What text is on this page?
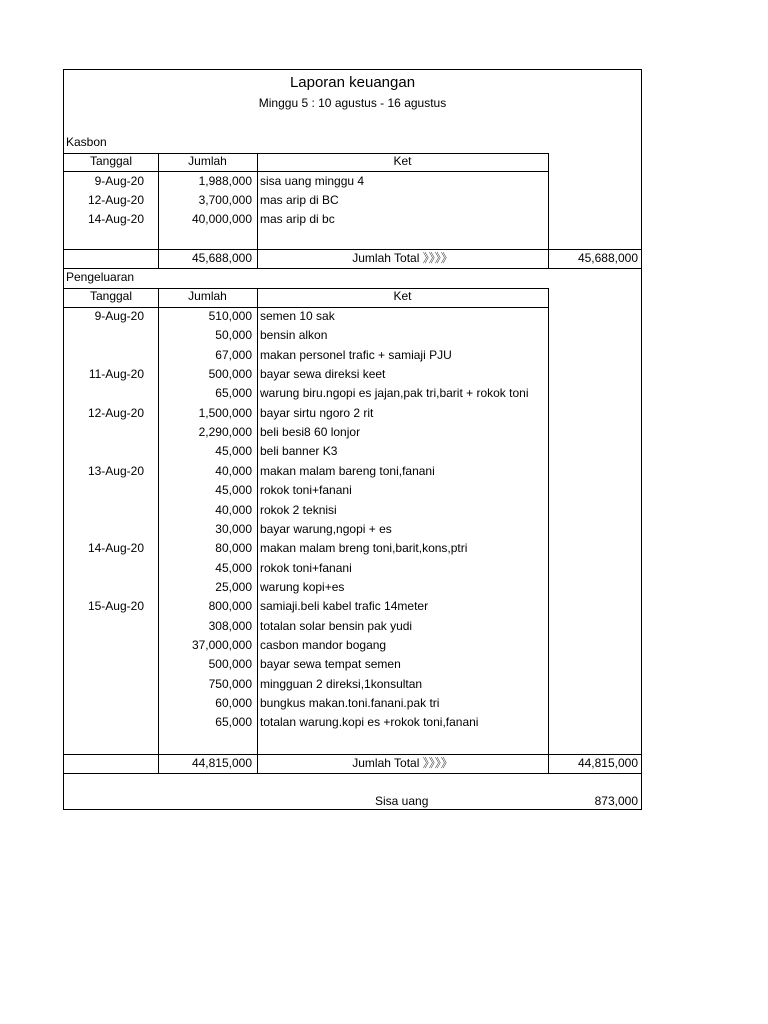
Laporan keuangan
Minggu 5 : 10 agustus - 16 agustus
Kasbon
Tanggal	Jumlah	Ket
9-Aug-20	1,988,000 sisa uang minggu 4
12-Aug-20	3,700,000 mas arip di BC
14-Aug-20	40,000,000 mas arip di bc
45,688,000	Jumlah Total 》》》》	45,688,000
Pengeluaran
Tanggal	Jumlah	Ket
9-Aug-20	510,000 semen 10 sak
50,000 bensin alkon
67,000 makan personel trafic + samiaji PJU
11-Aug-20	500,000 bayar sewa direksi keet
65,000 warung biru.ngopi es jajan,pak tri,barit + rokok toni
12-Aug-20	1,500,000 bayar sirtu ngoro 2 rit
2,290,000 beli besi8 60 lonjor
45,000 beli banner K3
13-Aug-20	40,000 makan malam bareng toni,fanani
45,000 rokok toni+fanani
40,000 rokok 2 teknisi
30,000 bayar warung,ngopi + es
14-Aug-20	80,000 makan malam breng toni,barit,kons,ptri
45,000 rokok toni+fanani
25,000 warung kopi+es
15-Aug-20	800,000 samiaji.beli kabel trafic 14meter
308,000 totalan solar bensin pak yudi
37,000,000 casbon mandor bogang
500,000 bayar sewa tempat semen
750,000 mingguan 2 direksi,1konsultan
60,000 bungkus makan.toni.fanani.pak tri
65,000 totalan warung.kopi es +rokok toni,fanani
44,815,000	Jumlah Total 》》》》	44,815,000
Sisa uang	873,000
